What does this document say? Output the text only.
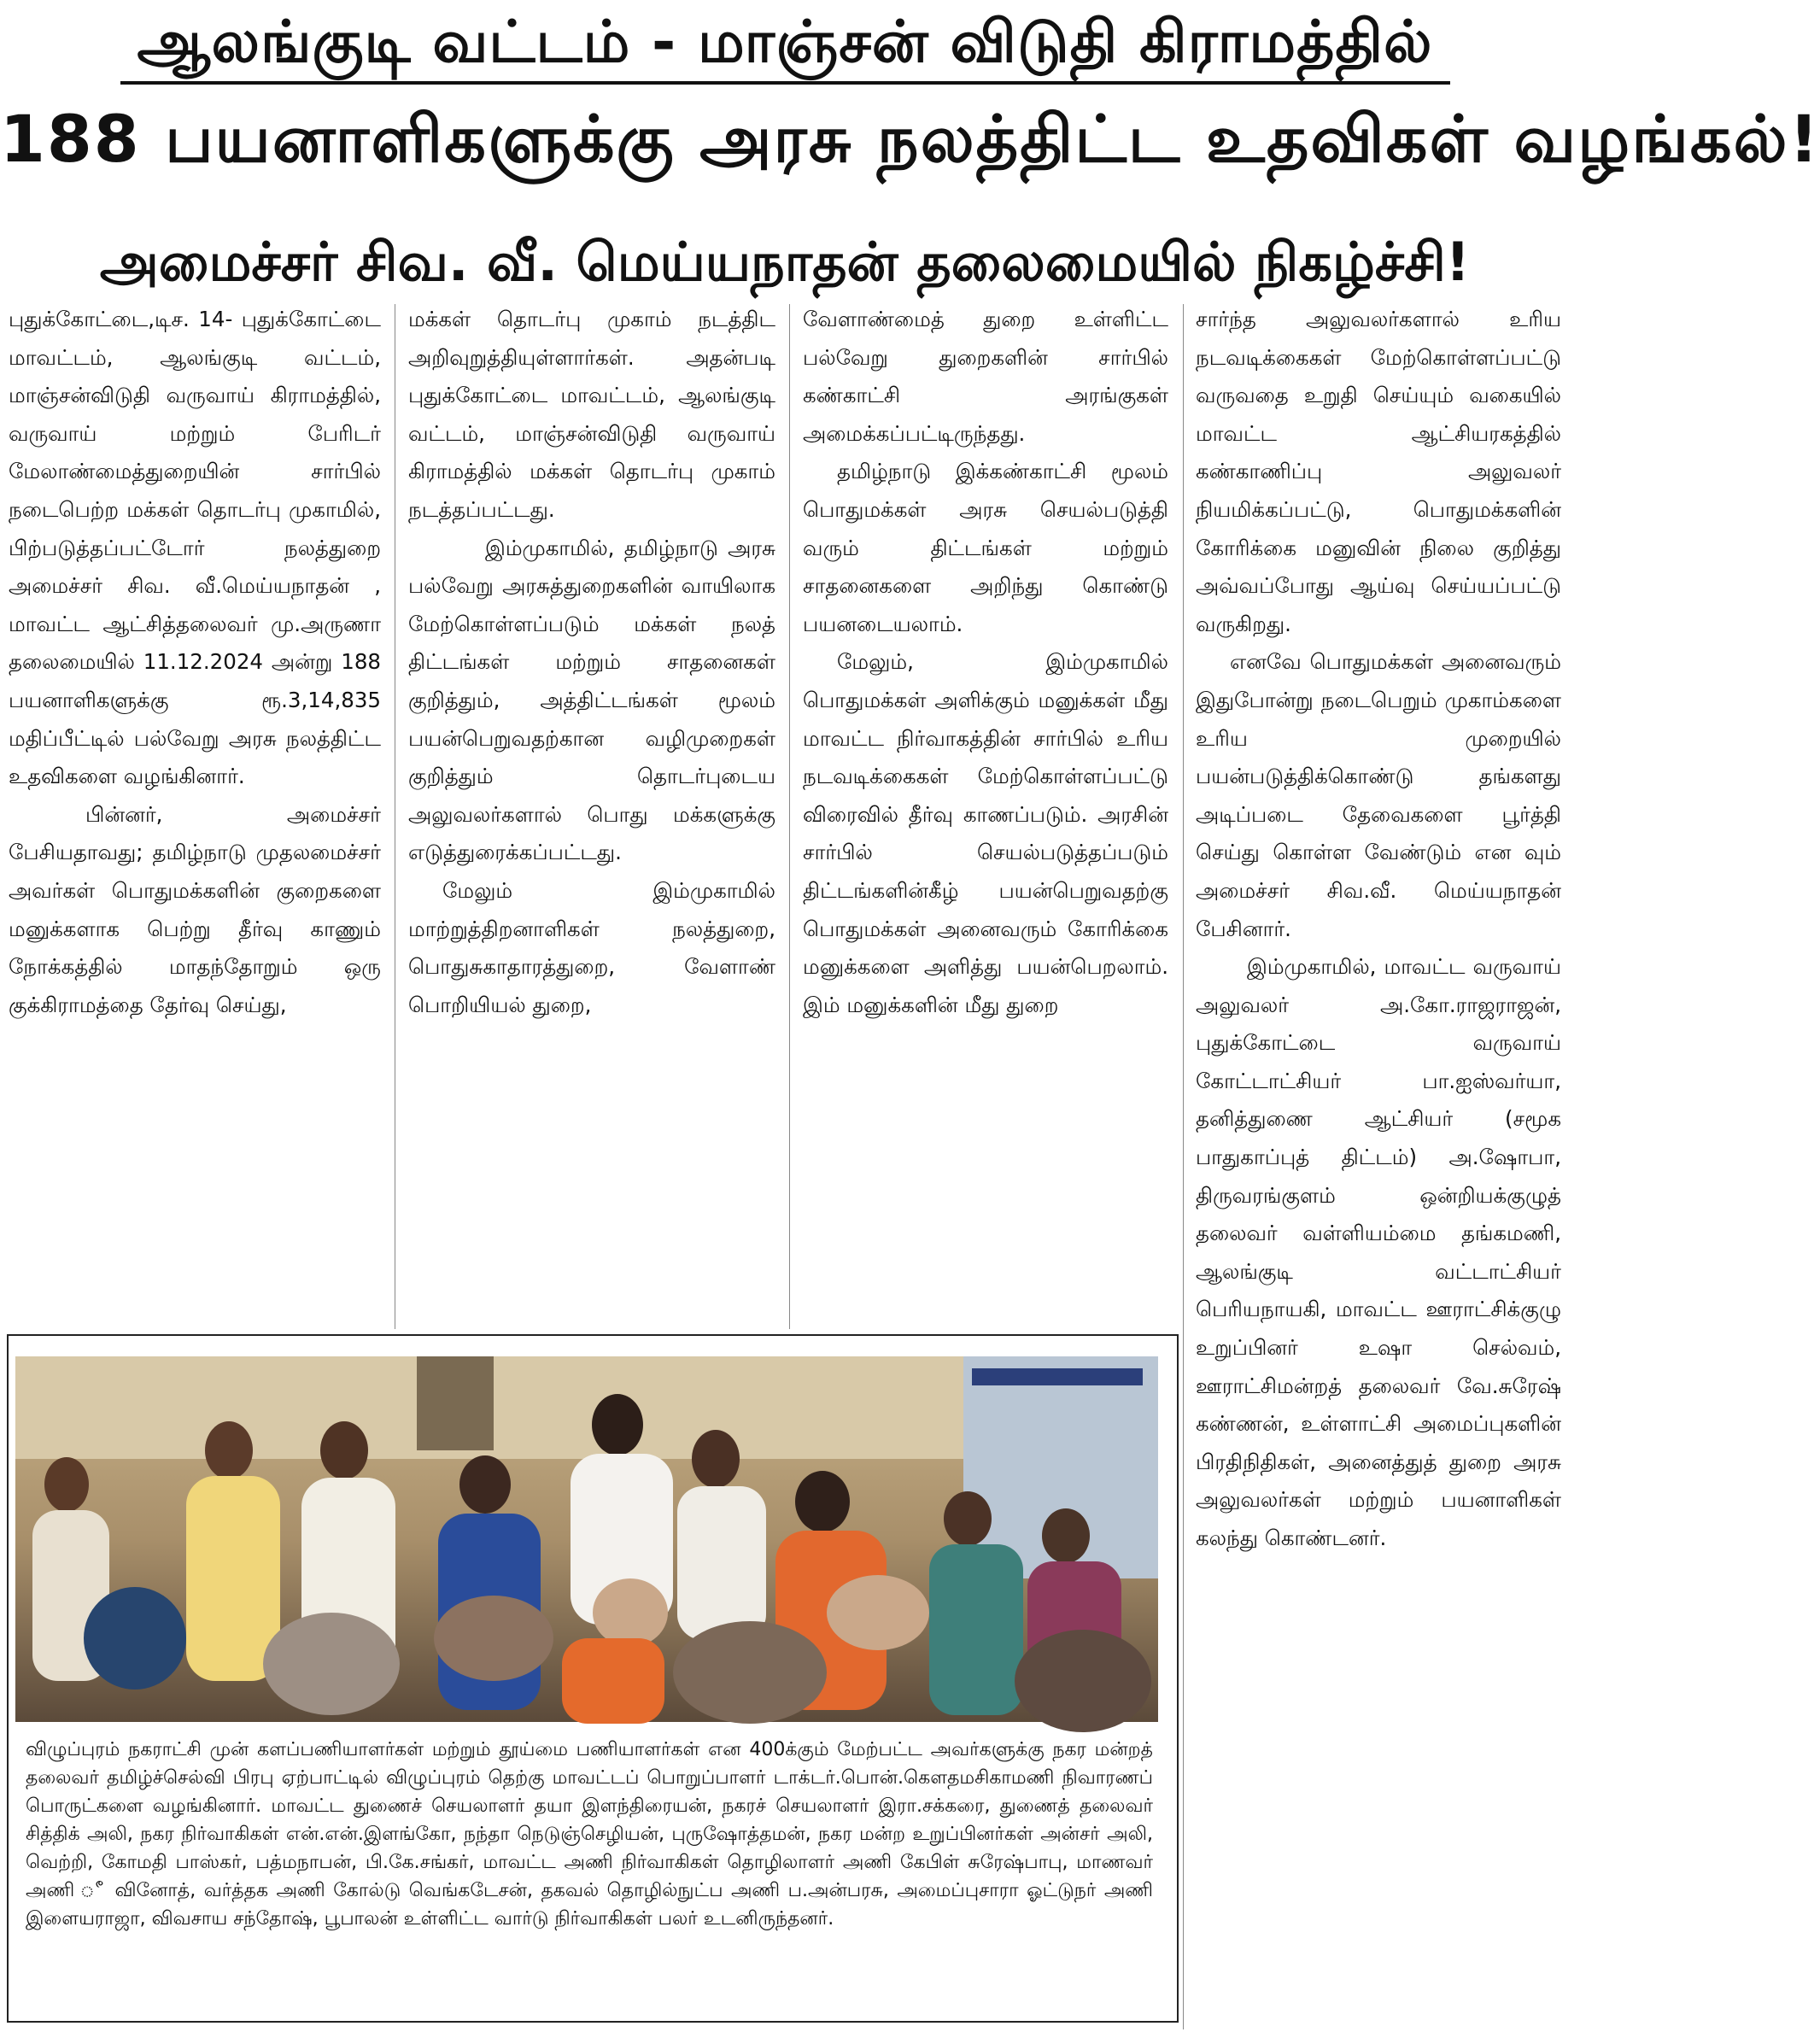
ஆலங்குடி வட்டம் - மாஞ்சன் விடுதி கிராமத்தில்
188 பயனாளிகளுக்கு அரசு நலத்திட்ட உதவிகள் வழங்கல்!
அமைச்சர் சிவ. வீ. மெய்யநாதன் தலைமையில் நிகழ்ச்சி!

புதுக்கோட்டை,டிச. 14- புதுக்கோட்டை மாவட்டம், ஆலங்குடி வட்டம், மாஞ்சன்விடுதி வருவாய் கிராமத்தில், வருவாய் மற்றும் பேரிடர் மேலாண்மைத்துறையின் சார்பில் நடைபெற்ற மக்கள் தொடர்பு முகாமில், பிற்படுத்தப்பட்டோர் நலத்துறை அமைச்சர் சிவ. வீ.மெய்யநாதன் , மாவட்ட ஆட்சித்தலைவர் மு.அருணா தலைமையில் 11.12.2024 அன்று 188 பயனாளிகளுக்கு ரூ.3,14,835 மதிப்பீட்டில் பல்வேறு அரசு நலத்திட்ட உதவிகளை வழங்கினார்.

பின்னர், அமைச்சர் பேசியதாவது; தமிழ்நாடு முதலமைச்சர் அவர்கள் பொதுமக்களின் குறைகளை மனுக்களாக பெற்று தீர்வு காணும் நோக்கத்தில் மாதந்தோறும் ஒரு குக்கிராமத்தை தேர்வு செய்து,

மக்கள் தொடர்பு முகாம் நடத்திட அறிவுறுத்தியுள்ளார்கள். அதன்படி புதுக்கோட்டை மாவட்டம், ஆலங்குடி வட்டம், மாஞ்சன்விடுதி வருவாய் கிராமத்தில் மக்கள் தொடர்பு முகாம் நடத்தப்பட்டது.

இம்முகாமில், தமிழ்நாடு அரசு பல்வேறு அரசுத்துறைகளின் வாயிலாக மேற்கொள்ளப்படும் மக்கள் நலத் திட்டங்கள் மற்றும் சாதனைகள் குறித்தும், அத்திட்டங்கள் மூலம் பயன்பெறுவதற்கான வழிமுறைகள் குறித்தும் தொடர்புடைய அலுவலர்களால் பொது மக்களுக்கு எடுத்துரைக்கப்பட்டது.

மேலும் இம்முகாமில் மாற்றுத்திறனாளிகள் நலத்துறை, பொதுசுகாதாரத்துறை, வேளாண் பொறியியல் துறை,

வேளாண்மைத் துறை உள்ளிட்ட பல்வேறு துறைகளின் சார்பில் கண்காட்சி அரங்குகள் அமைக்கப்பட்டிருந்தது.

தமிழ்நாடு இக்கண்காட்சி மூலம் பொதுமக்கள் அரசு செயல்படுத்தி வரும் திட்டங்கள் மற்றும் சாதனைகளை அறிந்து கொண்டு பயனடையலாம்.

மேலும், இம்முகாமில் பொதுமக்கள் அளிக்கும் மனுக்கள் மீது மாவட்ட நிர்வாகத்தின் சார்பில் உரிய நடவடிக்கைகள் மேற்கொள்ளப்பட்டு விரைவில் தீர்வு காணப்படும். அரசின் சார்பில் செயல்படுத்தப்படும் திட்டங்களின்கீழ் பயன்பெறுவதற்கு பொதுமக்கள் அனைவரும் கோரிக்கை மனுக்களை அளித்து பயன்பெறலாம். இம் மனுக்களின் மீது துறை

சார்ந்த அலுவலர்களால் உரிய நடவடிக்கைகள் மேற்கொள்ளப்பட்டு வருவதை உறுதி செய்யும் வகையில் மாவட்ட ஆட்சியரகத்தில் கண்காணிப்பு அலுவலர் நியமிக்கப்பட்டு, பொதுமக்களின் கோரிக்கை மனுவின் நிலை குறித்து அவ்வப்போது ஆய்வு செய்யப்பட்டு வருகிறது.

எனவே பொதுமக்கள் அனைவரும் இதுபோன்று நடைபெறும் முகாம்களை உரிய முறையில் பயன்படுத்திக்கொண்டு தங்களது அடிப்படை தேவைகளை பூர்த்தி செய்து கொள்ள வேண்டும் என வும் அமைச்சர் சிவ.வீ. மெய்யநாதன் பேசினார்.

இம்முகாமில், மாவட்ட வருவாய் அலுவலர் அ.கோ.ராஜராஜன், புதுக்கோட்டை வருவாய் கோட்டாட்சியர் பா.ஐஸ்வர்யா, தனித்துணை ஆட்சியர் (சமூக பாதுகாப்புத் திட்டம்) அ.ஷோபா, திருவரங்குளம் ஒன்றியக்குழுத் தலைவர் வள்ளியம்மை தங்கமணி, ஆலங்குடி வட்டாட்சியர் பெரியநாயகி, மாவட்ட ஊராட்சிக்குழு உறுப்பினர் உஷா செல்வம், ஊராட்சிமன்றத் தலைவர் வே.சுரேஷ் கண்ணன், உள்ளாட்சி அமைப்புகளின் பிரதிநிதிகள், அனைத்துத் துறை அரசு அலுவலர்கள் மற்றும் பயனாளிகள் கலந்து கொண்டனர்.

விழுப்புரம் நகராட்சி முன் களப்பணியாளர்கள் மற்றும் தூய்மை பணியாளர்கள் என 400க்கும் மேற்பட்ட அவர்களுக்கு நகர மன்றத் தலைவர் தமிழ்ச்செல்வி பிரபு ஏற்பாட்டில் விழுப்புரம் தெற்கு மாவட்டப் பொறுப்பாளர் டாக்டர்.பொன்.கௌதமசிகாமணி நிவாரணப் பொருட்களை வழங்கினார். மாவட்ட துணைச் செயலாளர் தயா இளந்திரையன், நகரச் செயலாளர் இரா.சக்கரை, துணைத் தலைவர் சித்திக் அலி, நகர நிர்வாகிகள் என்.என்.இளங்கோ, நந்தா நெடுஞ்செழியன், புருஷோத்தமன், நகர மன்ற உறுப்பினர்கள் அன்சர் அலி, வெற்றி, கோமதி பாஸ்கர், பத்மநாபன், பி.கே.சங்கர், மாவட்ட அணி நிர்வாகிகள் தொழிலாளர் அணி கேபிள் சுரேஷ்பாபு, மாணவர் அணி ீ வினோத், வர்த்தக அணி கோல்டு வெங்கடேசன், தகவல் தொழில்நுட்ப அணி ப.அன்பரசு, அமைப்புசாரா ஓட்டுநர் அணி இளையராஜா, விவசாய சந்தோஷ், பூபாலன் உள்ளிட்ட வார்டு நிர்வாகிகள் பலர் உடனிருந்தனர்.
